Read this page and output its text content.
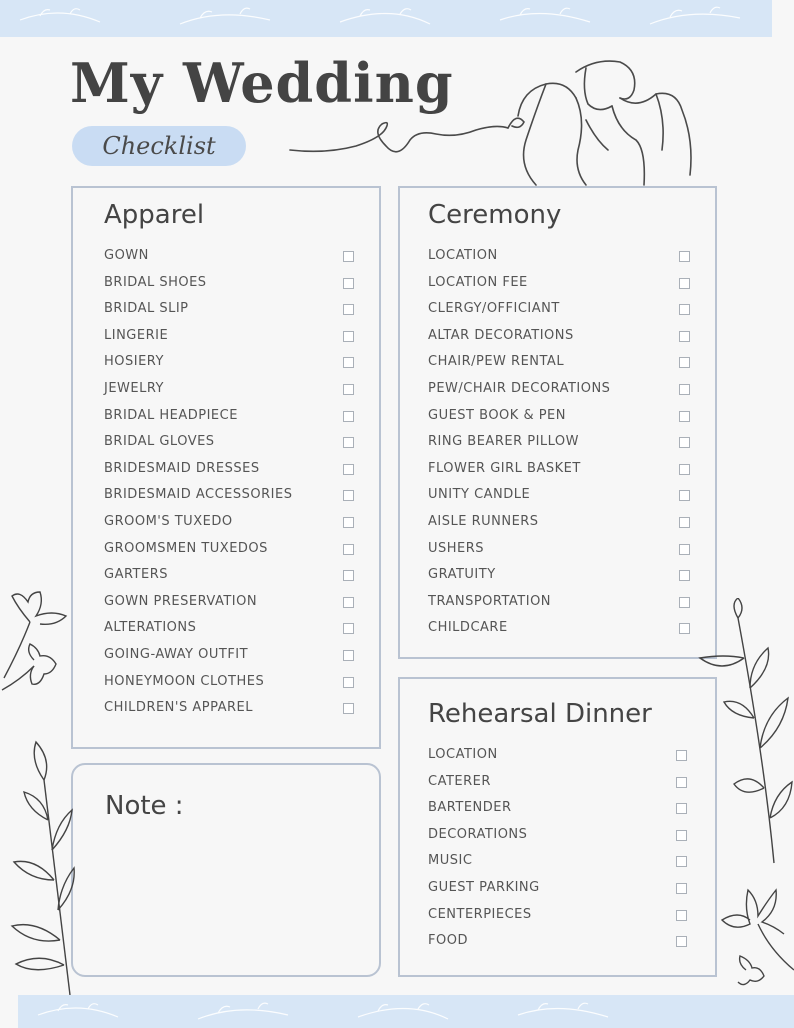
My Wedding
Checklist
Apparel
GOWN
BRIDAL SHOES
BRIDAL SLIP
LINGERIE
HOSIERY
JEWELRY
BRIDAL HEADPIECE
BRIDAL GLOVES
BRIDESMAID DRESSES
BRIDESMAID ACCESSORIES
GROOM'S TUXEDO
GROOMSMEN TUXEDOS
GARTERS
GOWN PRESERVATION
ALTERATIONS
GOING-AWAY OUTFIT
HONEYMOON CLOTHES
CHILDREN'S APPAREL
Ceremony
LOCATION
LOCATION FEE
CLERGY/OFFICIANT
ALTAR DECORATIONS
CHAIR/PEW RENTAL
PEW/CHAIR DECORATIONS
GUEST BOOK & PEN
RING BEARER PILLOW
FLOWER GIRL BASKET
UNITY CANDLE
AISLE RUNNERS
USHERS
GRATUITY
TRANSPORTATION
CHILDCARE
Rehearsal Dinner
LOCATION
CATERER
BARTENDER
DECORATIONS
MUSIC
GUEST PARKING
CENTERPIECES
FOOD
Note :
